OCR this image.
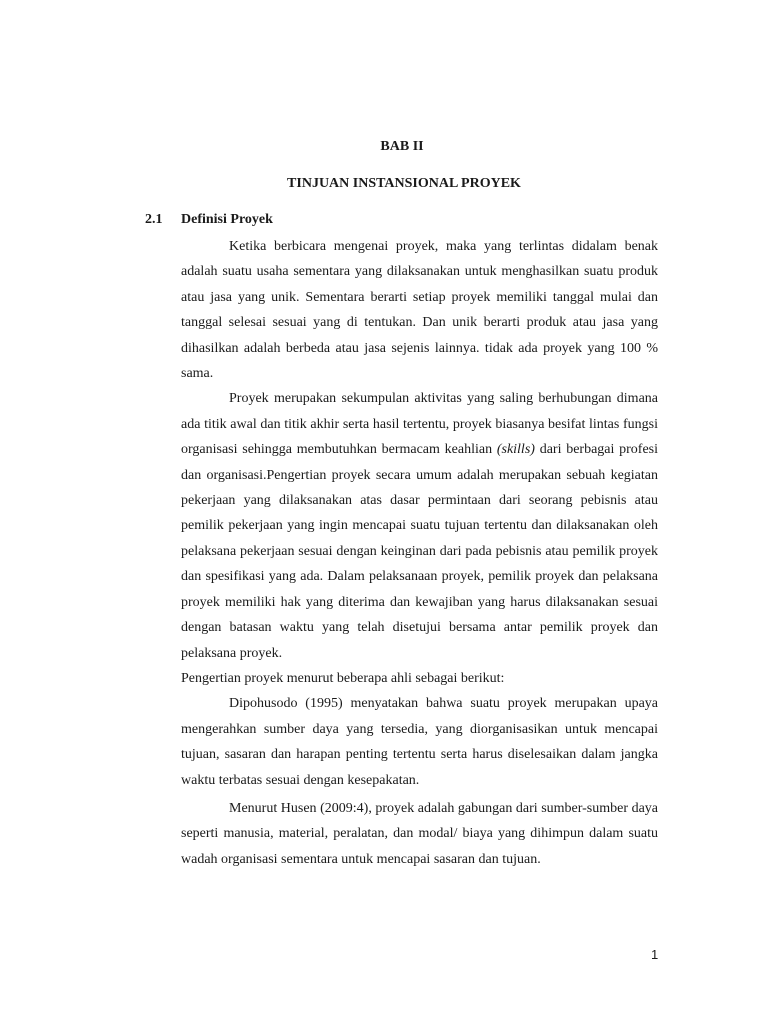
BAB II
TINJUAN INSTANSIONAL PROYEK
2.1 Definisi Proyek

Ketika berbicara mengenai proyek, maka yang terlintas didalam benak adalah suatu usaha sementara yang dilaksanakan untuk menghasilkan suatu produk atau jasa yang unik. Sementara berarti setiap proyek memiliki tanggal mulai dan tanggal selesai sesuai yang di tentukan. Dan unik berarti produk atau jasa yang dihasilkan adalah berbeda atau jasa sejenis lainnya. tidak ada proyek yang 100 % sama.

Proyek merupakan sekumpulan aktivitas yang saling berhubungan dimana ada titik awal dan titik akhir serta hasil tertentu, proyek biasanya besifat lintas fungsi organisasi sehingga membutuhkan bermacam keahlian (skills) dari berbagai profesi dan organisasi.Pengertian proyek secara umum adalah merupakan sebuah kegiatan pekerjaan yang dilaksanakan atas dasar permintaan dari seorang pebisnis atau pemilik pekerjaan yang ingin mencapai suatu tujuan tertentu dan dilaksanakan oleh pelaksana pekerjaan sesuai dengan keinginan dari pada pebisnis atau pemilik proyek dan spesifikasi yang ada. Dalam pelaksanaan proyek, pemilik proyek dan pelaksana proyek memiliki hak yang diterima dan kewajiban yang harus dilaksanakan sesuai dengan batasan waktu yang telah disetujui bersama antar pemilik proyek dan pelaksana proyek.

Pengertian proyek menurut beberapa ahli sebagai berikut:

Dipohusodo (1995) menyatakan bahwa suatu proyek merupakan upaya mengerahkan sumber daya yang tersedia, yang diorganisasikan untuk mencapai tujuan, sasaran dan harapan penting tertentu serta harus diselesaikan dalam jangka waktu terbatas sesuai dengan kesepakatan.

Menurut Husen (2009:4), proyek adalah gabungan dari sumber-sumber daya seperti manusia, material, peralatan, dan modal/ biaya yang dihimpun dalam suatu wadah organisasi sementara untuk mencapai sasaran dan tujuan.

1
